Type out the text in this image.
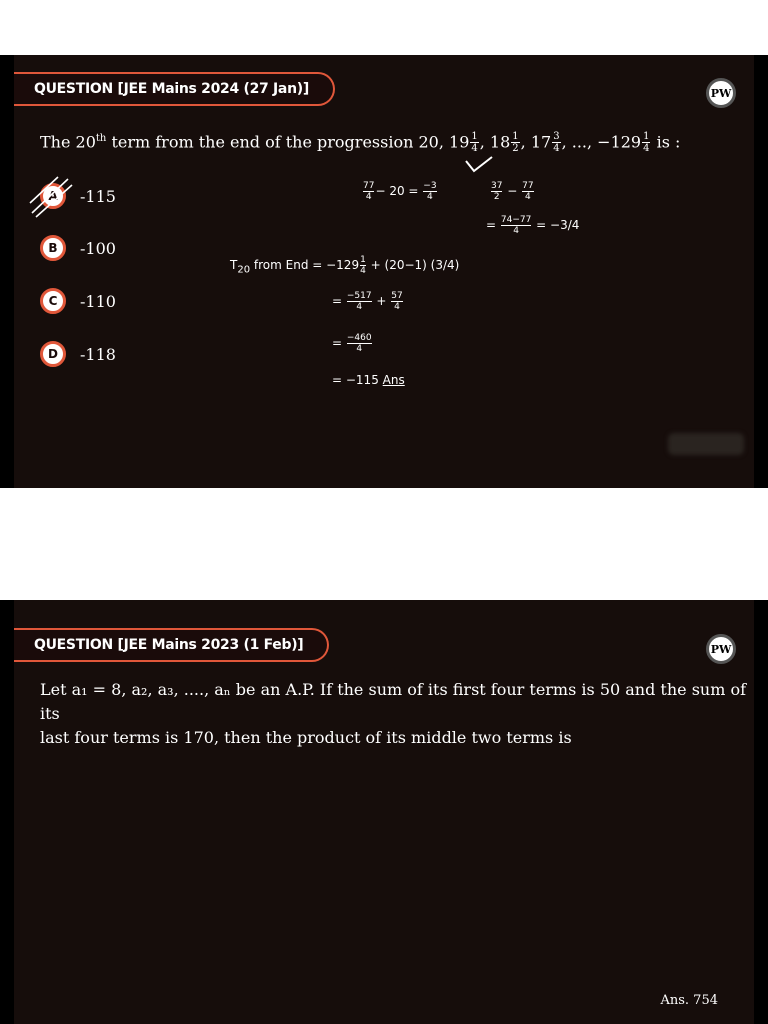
QUESTION [JEE Mains 2024 (27 Jan)]	PW
The 20th term from the end of the progression 20, $19 \frac{1}{4}$ , $18 \frac{1}{2}$ , $17 \frac{3}{4}$ , ..., $-129 \frac{1}{4}$ is :
A	-115
B	-100
C	-110
D	-118
$\frac{77}{4} - 20 = \frac{-3}{4}$	$\frac{37}{2} - \frac{77}{4}$
= $\frac{74-77}{4} = -3/4$
$T_{20}$ from End = $-129 \frac{1}{4} + (20-1)$ (3/4)
= $\frac{-517}{4} + \frac{57}{4}$
= $\frac{-460}{4}$
= −115 Ans
QUESTION [JEE Mains 2023 (1 Feb)]	PW
Let a₁ = 8, a₂, a₃, ...., aₙ be an A.P. If the sum of its first four terms is 50 and the sum of its
last four terms is 170, then the product of its middle two terms is
Ans. 754
